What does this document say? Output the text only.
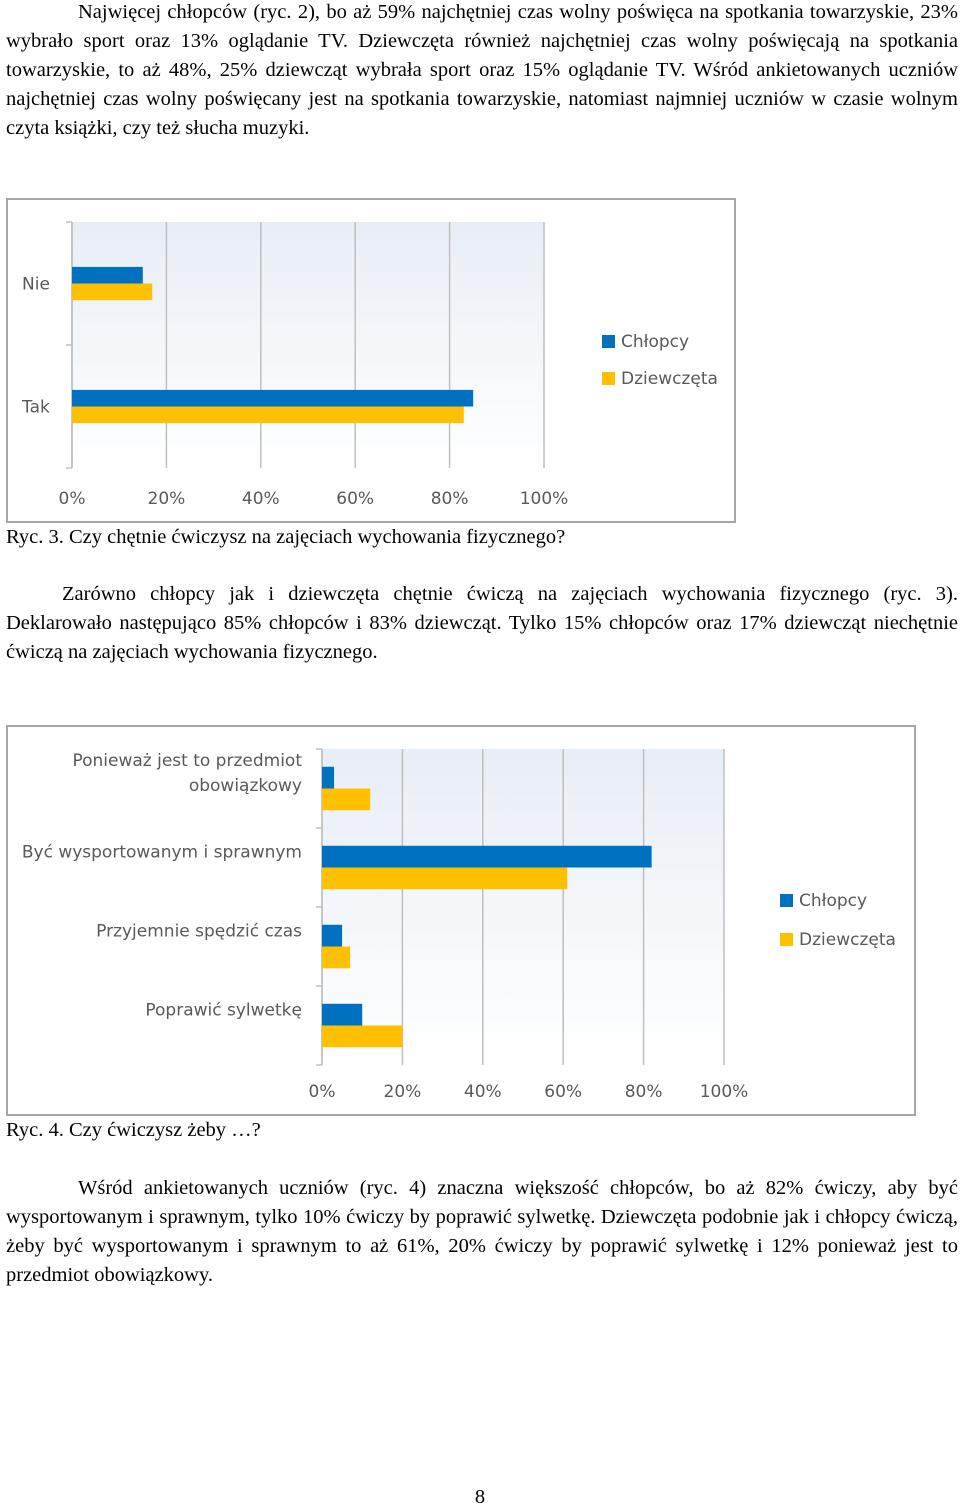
Najwięcej chłopców (ryc. 2), bo aż 59% najchętniej czas wolny poświęca na spotkania towarzyskie, 23% wybrało sport oraz 13% oglądanie TV. Dziewczęta również najchętniej czas wolny poświęcają na spotkania towarzyskie, to aż 48%, 25% dziewcząt wybrała sport oraz 15% oglądanie TV. Wśród ankietowanych uczniów najchętniej czas wolny poświęcany jest na spotkania towarzyskie, natomiast najmniej uczniów w czasie wolnym czyta książki, czy też słucha muzyki.

0%	20%	40%	60%	80%	100%
Nie
Tak
Chłopcy
Dziewczęta

Ryc. 3. Czy chętnie ćwiczysz na zajęciach wychowania fizycznego?

Zarówno chłopcy jak i dziewczęta chętnie ćwiczą na zajęciach wychowania fizycznego (ryc. 3). Deklarowało następująco 85% chłopców i 83% dziewcząt. Tylko 15% chłopców oraz 17% dziewcząt niechętnie ćwiczą na zajęciach wychowania fizycznego.

0%	20%	40%	60%	80% 100%
Ponieważ jest to przedmiot
obowiązkowy
Być wysportowanym i sprawnym
Przyjemnie spędzić czas
Poprawić sylwetkę
Chłopcy
Dziewczęta

Ryc. 4. Czy ćwiczysz żeby …?

Wśród ankietowanych uczniów (ryc. 4) znaczna większość chłopców, bo aż 82% ćwiczy, aby być wysportowanym i sprawnym, tylko 10% ćwiczy by poprawić sylwetkę. Dziewczęta podobnie jak i chłopcy ćwiczą, żeby być wysportowanym i sprawnym to aż 61%, 20% ćwiczy by poprawić sylwetkę i 12% ponieważ jest to przedmiot obowiązkowy.

8
